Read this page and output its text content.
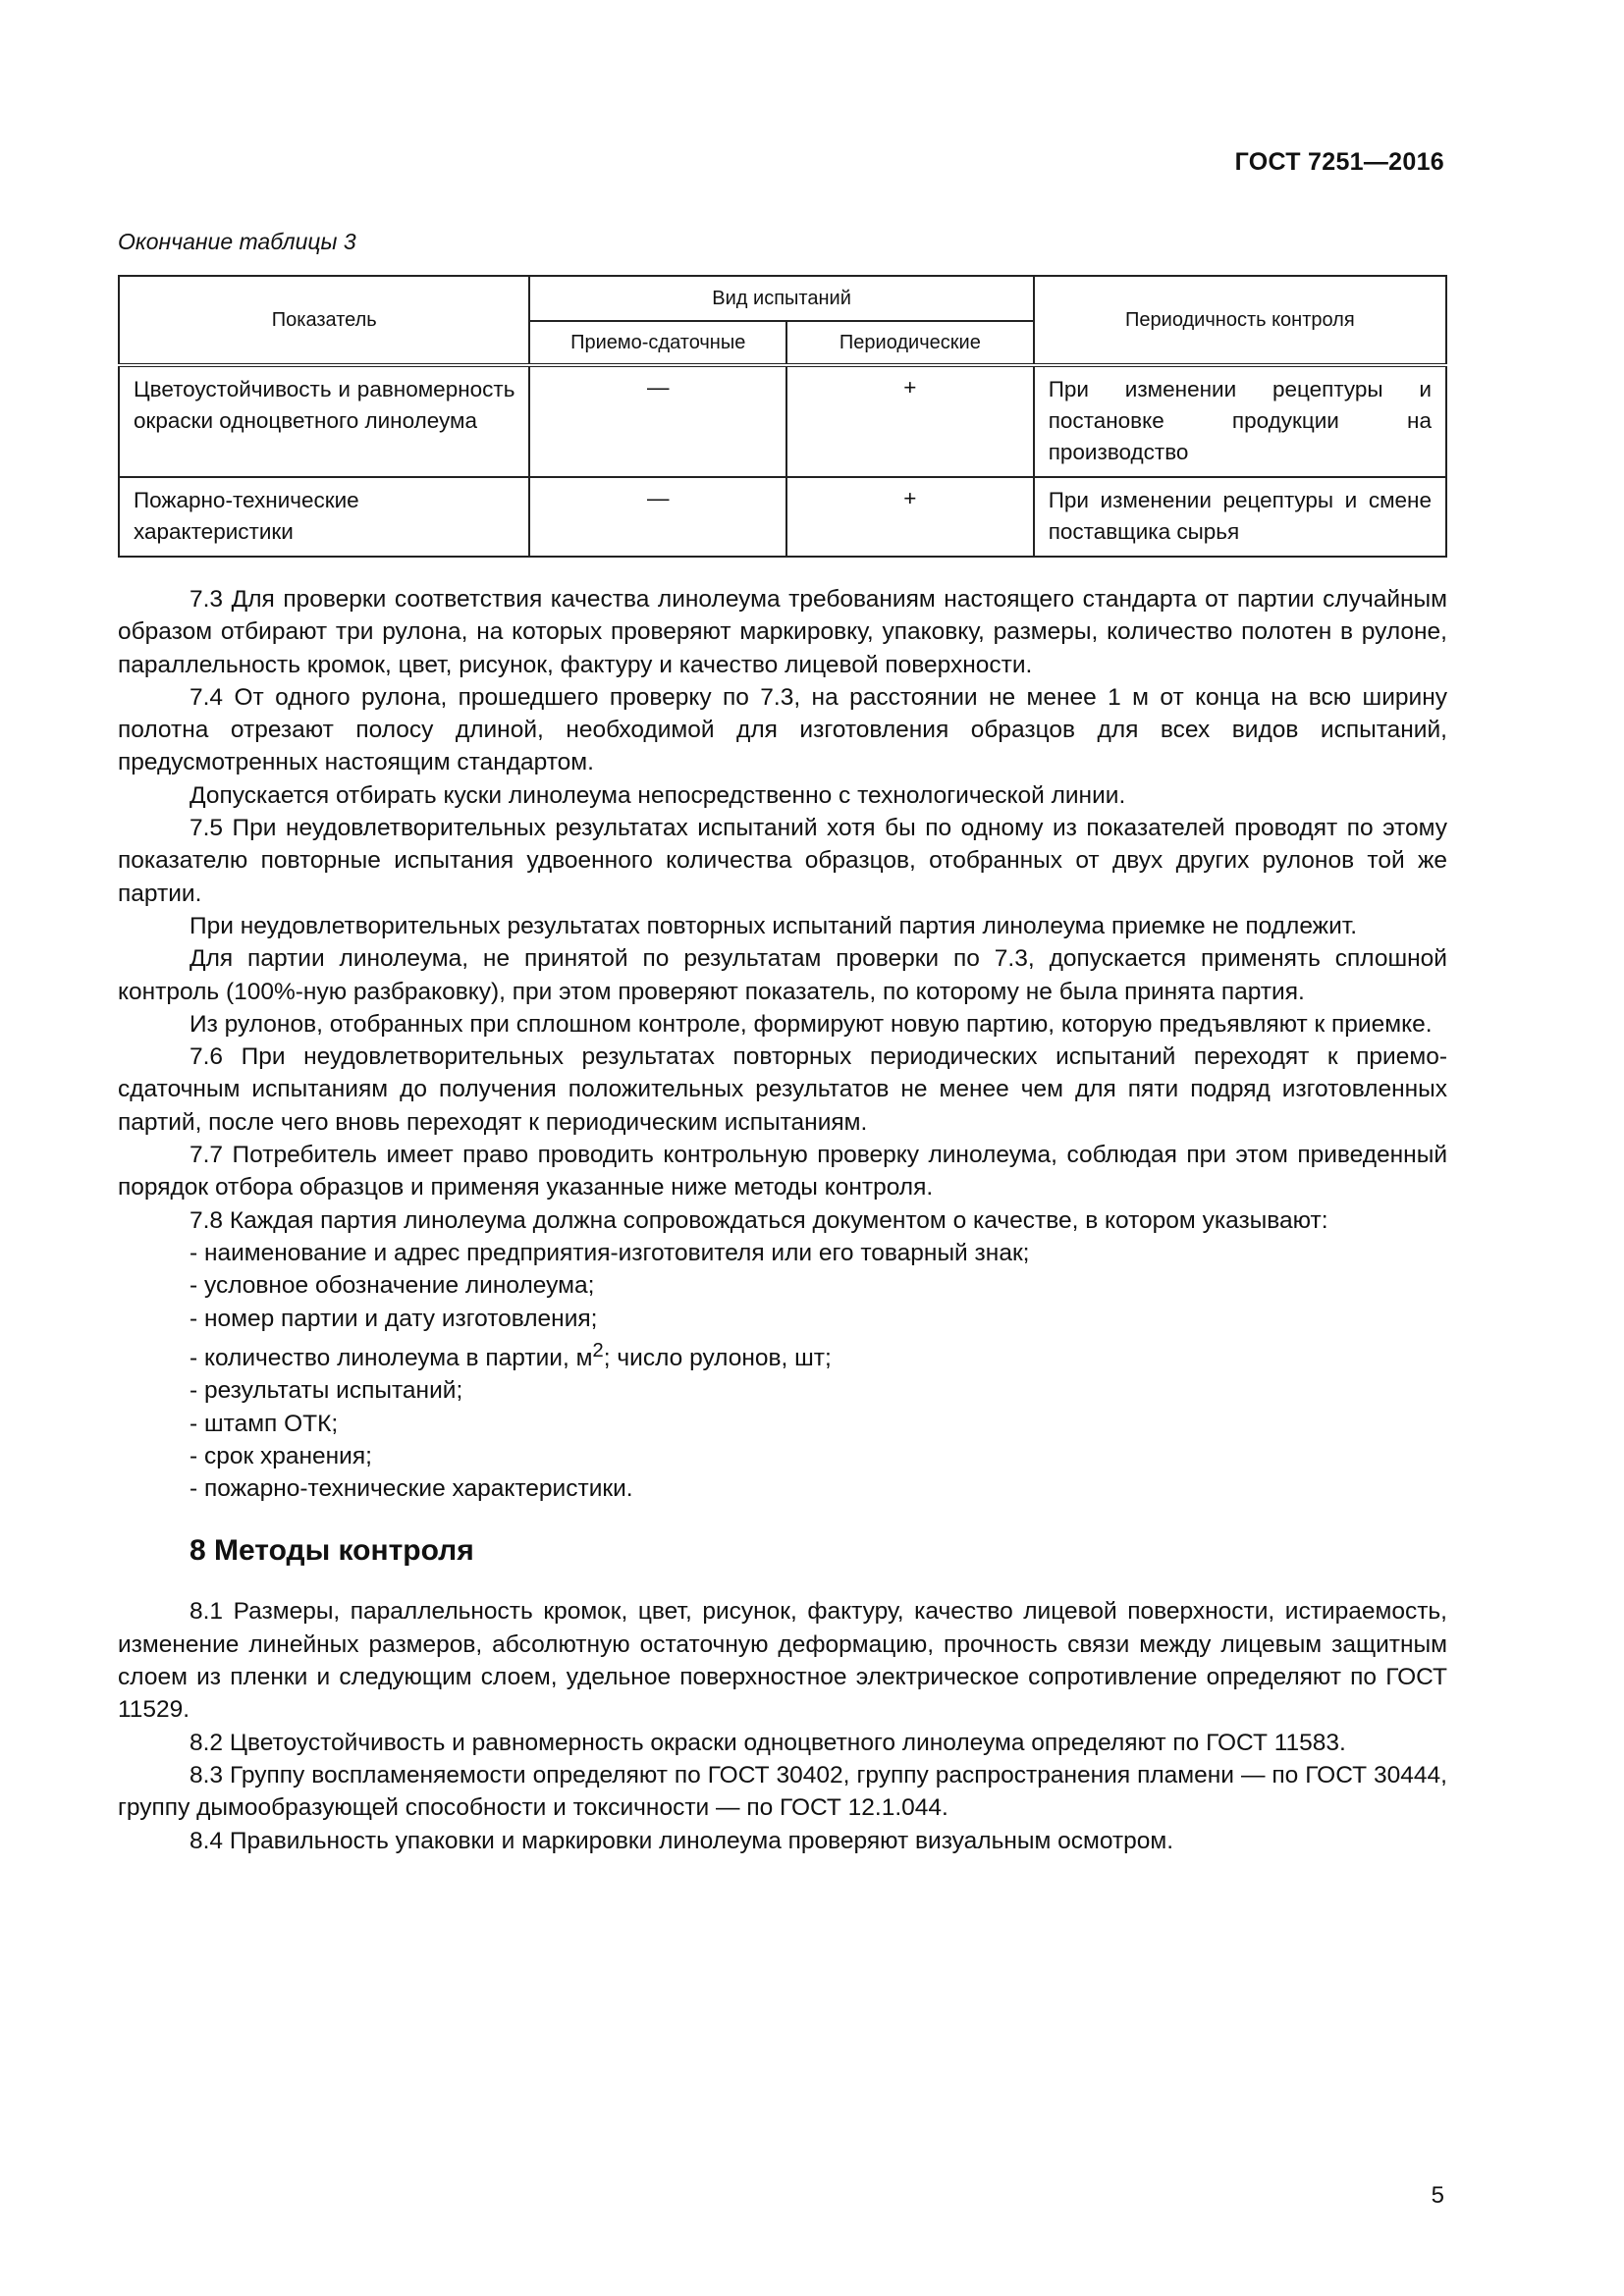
ГОСТ 7251—2016
Окончание таблицы 3
Показатель	Вид испытаний		Периодичность контроля
	Приемо-сдаточные	Периодические	
Цветоустойчивость и равномерность окраски одноцветного линолеума	—	+	При изменении рецептуры и постановке продукции на производство
Пожарно-технические характеристики	—	+	При изменении рецептуры и смене поставщика сырья

7.3 Для проверки соответствия качества линолеума требованиям настоящего стандарта от партии случайным образом отбирают три рулона, на которых проверяют маркировку, упаковку, размеры, количество полотен в рулоне, параллельность кромок, цвет, рисунок, фактуру и качество лицевой поверхности.

7.4 От одного рулона, прошедшего проверку по 7.3, на расстоянии не менее 1 м от конца на всю ширину полотна отрезают полосу длиной, необходимой для изготовления образцов для всех видов испытаний, предусмотренных настоящим стандартом.

Допускается отбирать куски линолеума непосредственно с технологической линии.

7.5 При неудовлетворительных результатах испытаний хотя бы по одному из показателей проводят по этому показателю повторные испытания удвоенного количества образцов, отобранных от двух других рулонов той же партии.

При неудовлетворительных результатах повторных испытаний партия линолеума приемке не подлежит.

Для партии линолеума, не принятой по результатам проверки по 7.3, допускается применять сплошной контроль (100%-ную разбраковку), при этом проверяют показатель, по которому не была принята партия.

Из рулонов, отобранных при сплошном контроле, формируют новую партию, которую предъявляют к приемке.

7.6 При неудовлетворительных результатах повторных периодических испытаний переходят к приемо-сдаточным испытаниям до получения положительных результатов не менее чем для пяти подряд изготовленных партий, после чего вновь переходят к периодическим испытаниям.

7.7 Потребитель имеет право проводить контрольную проверку линолеума, соблюдая при этом приведенный порядок отбора образцов и применяя указанные ниже методы контроля.

7.8 Каждая партия линолеума должна сопровождаться документом о качестве, в котором указывают:

- наименование и адрес предприятия-изготовителя или его товарный знак;

- условное обозначение линолеума;

- номер партии и дату изготовления;

- количество линолеума в партии, $м^2$; число рулонов, шт;

- результаты испытаний;

- штамп ОТК;

- срок хранения;

- пожарно-технические характеристики.

8 Методы контроля

8.1 Размеры, параллельность кромок, цвет, рисунок, фактуру, качество лицевой поверхности, истираемость, изменение линейных размеров, абсолютную остаточную деформацию, прочность связи между лицевым защитным слоем из пленки и следующим слоем, удельное поверхностное электрическое сопротивление определяют по ГОСТ 11529.

8.2 Цветоустойчивость и равномерность окраски одноцветного линолеума определяют по ГОСТ 11583.

8.3 Группу воспламеняемости определяют по ГОСТ 30402, группу распространения пламени — по ГОСТ 30444, группу дымообразующей способности и токсичности — по ГОСТ 12.1.044.

8.4 Правильность упаковки и маркировки линолеума проверяют визуальным осмотром.

5
